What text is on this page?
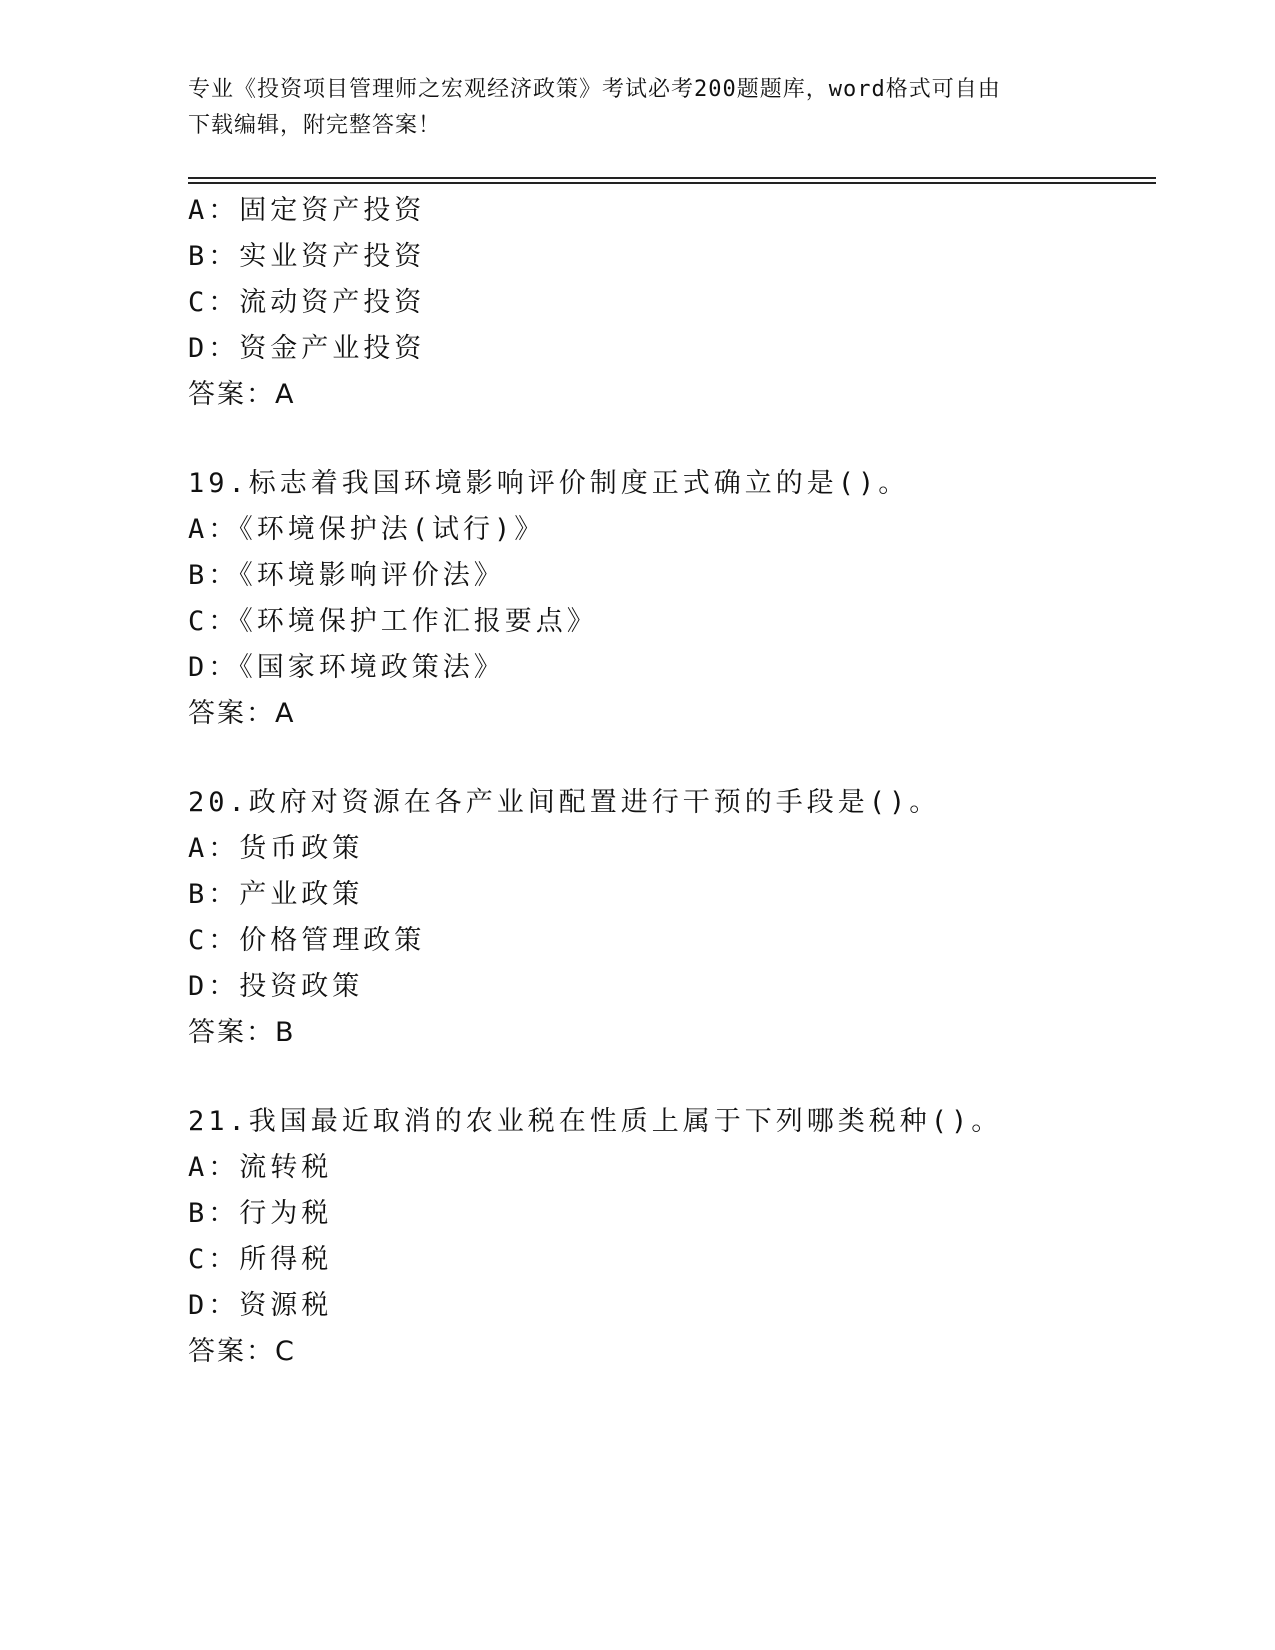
专业《投资项目管理师之宏观经济政策》考试必考200题题库，word格式可自由
下载编辑，附完整答案！
A：固定资产投资
B：实业资产投资
C：流动资产投资
D：资金产业投资
答案：A
19.标志着我国环境影响评价制度正式确立的是()。
A：《环境保护法(试行)》
B：《环境影响评价法》
C：《环境保护工作汇报要点》
D：《国家环境政策法》
答案：A
20.政府对资源在各产业间配置进行干预的手段是()。
A：货币政策
B：产业政策
C：价格管理政策
D：投资政策
答案：B
21.我国最近取消的农业税在性质上属于下列哪类税种()。
A：流转税
B：行为税
C：所得税
D：资源税
答案：C
